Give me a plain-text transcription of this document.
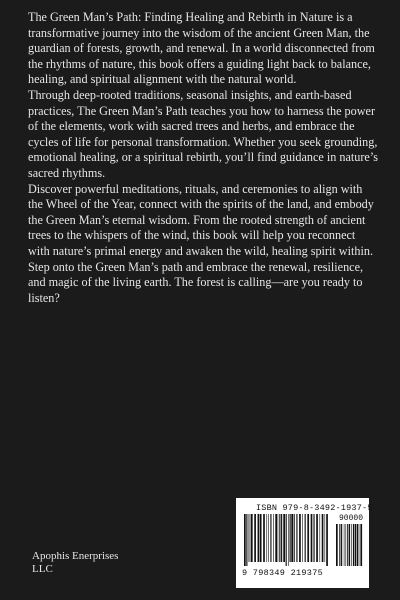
The Green Man’s Path: Finding Healing and Rebirth in Nature is a transformative journey into the wisdom of the ancient Green Man, the guardian of forests, growth, and renewal. In a world disconnected from the rhythms of nature, this book offers a guiding light back to balance, healing, and spiritual alignment with the natural world.

Through deep-rooted traditions, seasonal insights, and earth-based practices, The Green Man’s Path teaches you how to harness the power of the elements, work with sacred trees and herbs, and embrace the cycles of life for personal transformation. Whether you seek grounding, emotional healing, or a spiritual rebirth, you’ll find guidance in nature’s sacred rhythms.

Discover powerful meditations, rituals, and ceremonies to align with the Wheel of the Year, connect with the spirits of the land, and embody the Green Man’s eternal wisdom. From the rooted strength of ancient trees to the whispers of the wind, this book will help you reconnect with nature’s primal energy and awaken the wild, healing spirit within.

Step onto the Green Man’s path and embrace the renewal, resilience, and magic of the living earth. The forest is calling—are you ready to listen?

Apophis Enerprises
LLC
ISBN 979-8-3492-1937-5
90000
9 798349 219375
